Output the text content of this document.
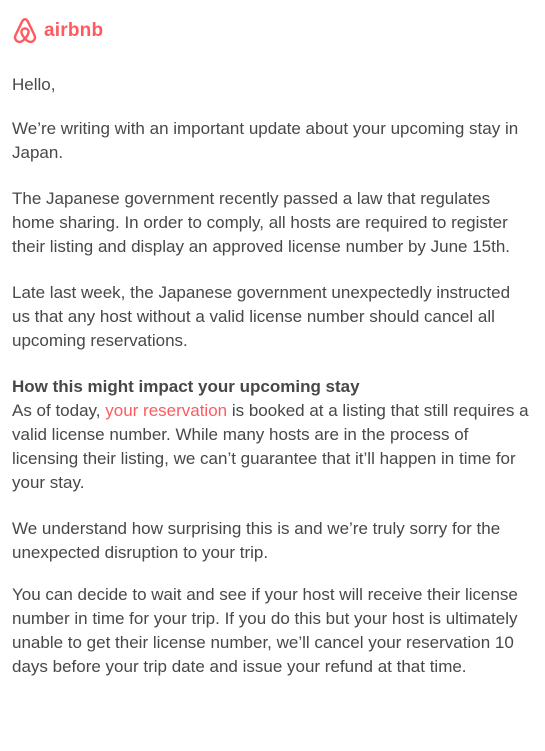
airbnb

Hello,

We’re writing with an important update about your upcoming stay in Japan.

The Japanese government recently passed a law that regulates home sharing. In order to comply, all hosts are required to register their listing and display an approved license number by June 15th.

Late last week, the Japanese government unexpectedly instructed us that any host without a valid license number should cancel all upcoming reservations.

How this might impact your upcoming stay

As of today, your reservation is booked at a listing that still requires a valid license number. While many hosts are in the process of licensing their listing, we can’t guarantee that it’ll happen in time for your stay.

We understand how surprising this is and we’re truly sorry for the unexpected disruption to your trip.

You can decide to wait and see if your host will receive their license number in time for your trip. If you do this but your host is ultimately unable to get their license number, we’ll cancel your reservation 10 days before your trip date and issue your refund at that time.
